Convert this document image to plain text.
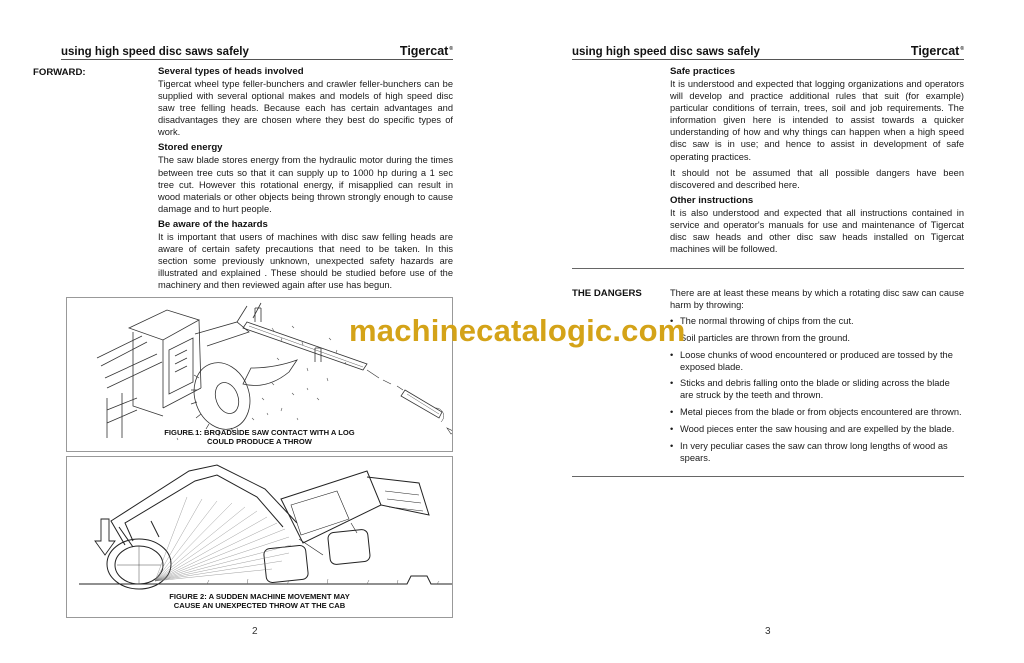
using high speed disc saws safely	Tigercat®
FORWARD:	Several types of heads involved

Tigercat wheel type feller-bunchers and crawler feller-bunchers can be supplied with several optional makes and models of high speed disc saw tree felling heads. Because each has certain advantages and disadvantages they are chosen where they best do specific types of work.

Stored energy

The saw blade stores energy from the hydraulic motor during the times between tree cuts so that it can supply up to 1000 hp during a 1 sec tree cut. However this rotational energy, if misapplied can result in wood materials or other objects being thrown strongly enough to cause damage and to hurt people.

Be aware of the hazards

It is important that users of machines with disc saw felling heads are aware of certain safety precautions that need to be taken. In this section some previously unknown, unexpected safety hazards are illustrated and explained . These should be studied before use of the machinery and then reviewed again after use has begun.

FIGURE 1: BROADSIDE SAW CONTACT WITH A LOG
COULD PRODUCE A THROW
FIGURE 2: A SUDDEN MACHINE MOVEMENT MAY
CAUSE AN UNEXPECTED THROW AT THE CAB
2
using high speed disc saws safely	Tigercat®
Safe practices

It is understood and expected that logging organizations and operators will develop and practice additional rules that suit (for example) particular conditions of terrain, trees, soil and job requirements. The information given here is intended to assist towards a quicker understanding of how and why things can happen when a high speed disc saw is in use; and hence to assist in development of safe operating practices.

It should not be assumed that all possible dangers have been discovered and described here.

Other instructions

It is also understood and expected that all instructions contained in service and operator's manuals for use and maintenance of Tigercat disc saw heads and other disc saw heads installed on Tigercat machines will be followed.

THE DANGERS	There are at least these means by which a rotating disc saw can cause harm by throwing:

• The normal throwing of chips from the cut.
• Soil particles are thrown from the ground.
• Loose chunks of wood encountered or produced are tossed by the exposed blade.
• Sticks and debris falling onto the blade or sliding across the blade are struck by the teeth and thrown.
• Metal pieces from the blade or from objects encountered are thrown.
• Wood pieces enter the saw housing and are expelled by the blade.
• In very peculiar cases the saw can throw long lengths of wood as spears.
3
machinecatalogic.com
